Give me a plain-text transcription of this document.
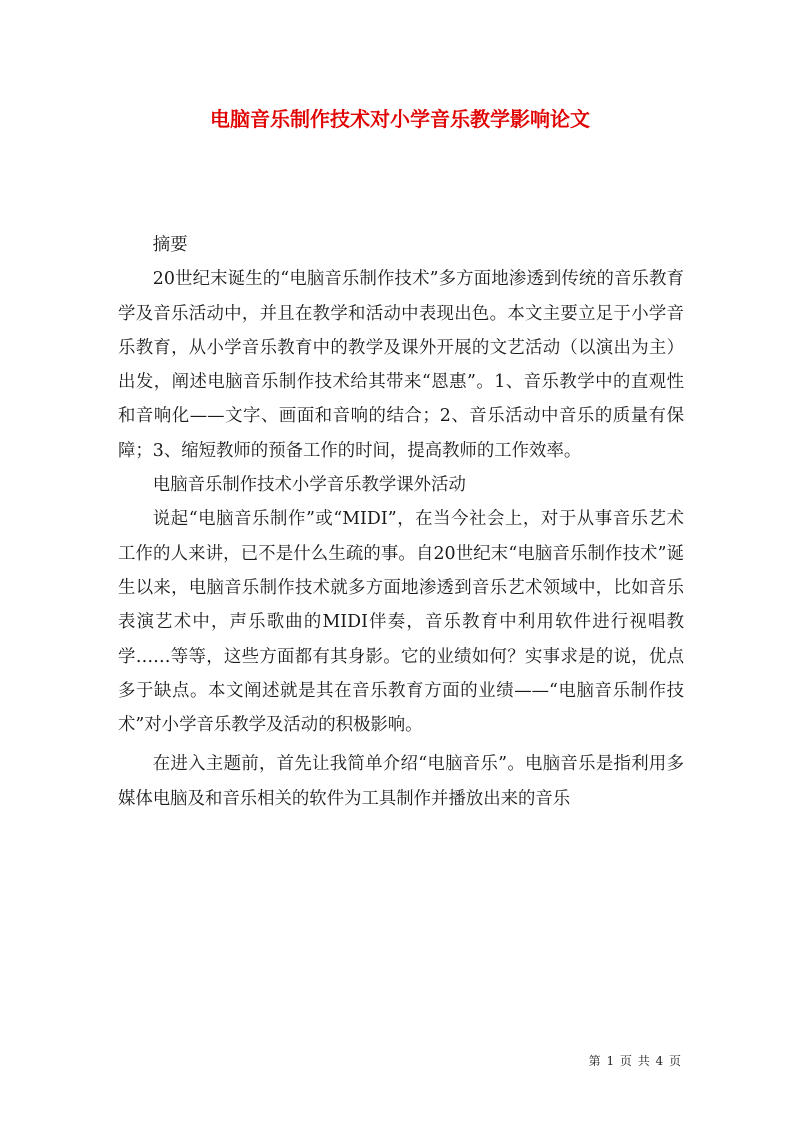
电脑音乐制作技术对小学音乐教学影响论文

摘要

20世纪末诞生的“电脑音乐制作技术”多方面地渗透到传统的音乐教育学及音乐活动中，并且在教学和活动中表现出色。本文主要立足于小学音乐教育，从小学音乐教育中的教学及课外开展的文艺活动（以演出为主）出发，阐述电脑音乐制作技术给其带来“恩惠”。1、音乐教学中的直观性和音响化——文字、画面和音响的结合；2、音乐活动中音乐的质量有保障；3、缩短教师的预备工作的时间，提高教师的工作效率。

电脑音乐制作技术小学音乐教学课外活动

说起“电脑音乐制作”或“MIDI”，在当今社会上，对于从事音乐艺术工作的人来讲，已不是什么生疏的事。自20世纪末“电脑音乐制作技术”诞生以来，电脑音乐制作技术就多方面地渗透到音乐艺术领域中，比如音乐表演艺术中，声乐歌曲的MIDI伴奏，音乐教育中利用软件进行视唱教学……等等，这些方面都有其身影。它的业绩如何？实事求是的说，优点多于缺点。本文阐述就是其在音乐教育方面的业绩——“电脑音乐制作技术”对小学音乐教学及活动的积极影响。

在进入主题前，首先让我简单介绍“电脑音乐”。电脑音乐是指利用多媒体电脑及和音乐相关的软件为工具制作并播放出来的音乐

第 1 页 共 4 页
